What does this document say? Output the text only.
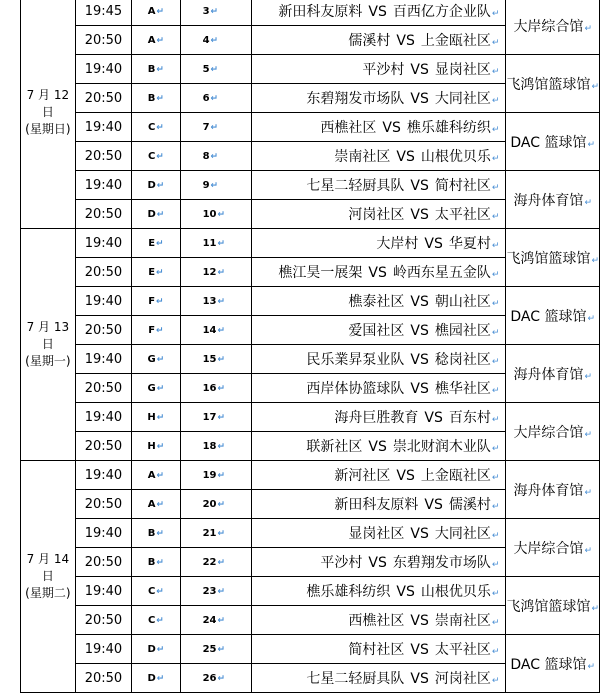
7 月 12 日
(星期日)	19:45	A↵	3↵	新田科友原料 VS 百西亿方企业队↵	大岸综合馆↵
	20:50	A↵	4↵	儒溪村 VS 上金瓯社区↵	
	19:40	B↵	5↵	平沙村 VS 显岗社区↵	飞鸿馆篮球馆↵
	20:50	B↵	6↵	东碧翔发市场队 VS 大同社区↵	
	19:40	C↵	7↵	西樵社区 VS 樵乐雄科纺织↵	DAC 篮球馆↵
	20:50	C↵	8↵	崇南社区 VS 山根优贝乐↵	
	19:40	D↵	9↵	七星二轻厨具队 VS 简村社区↵	海舟体育馆↵
	20:50	D↵	10↵	河岗社区 VS 太平社区↵	
7 月 13 日
(星期一)	19:40	E↵	11↵	大岸村 VS 华夏村↵	飞鸿馆篮球馆↵
	20:50	E↵	12↵	樵江昊一展架 VS 岭西东星五金队↵	
	19:40	F↵	13↵	樵泰社区 VS 朝山社区↵	DAC 篮球馆↵
	20:50	F↵	14↵	爱国社区 VS 樵园社区↵	
	19:40	G↵	15↵	民乐業昇泵业队 VS 稔岗社区↵	海舟体育馆↵
	20:50	G↵	16↵	西岸体协篮球队 VS 樵华社区↵	
	19:40	H↵	17↵	海舟巨胜教育 VS 百东村↵	大岸综合馆↵
	20:50	H↵	18↵	联新社区 VS 崇北财润木业队↵	
7 月 14 日
(星期二)	19:40	A↵	19↵	新河社区 VS 上金瓯社区↵	海舟体育馆↵
	20:50	A↵	20↵	新田科友原料 VS 儒溪村↵	
	19:40	B↵	21↵	显岗社区 VS 大同社区↵	大岸综合馆↵
	20:50	B↵	22↵	平沙村 VS 东碧翔发市场队↵	
	19:40	C↵	23↵	樵乐雄科纺织 VS 山根优贝乐↵	飞鸿馆篮球馆↵
	20:50	C↵	24↵	西樵社区 VS 崇南社区↵	
	19:40	D↵	25↵	简村社区 VS 太平社区↵	DAC 篮球馆↵
	20:50	D↵	26↵	七星二轻厨具队 VS 河岗社区↵	
